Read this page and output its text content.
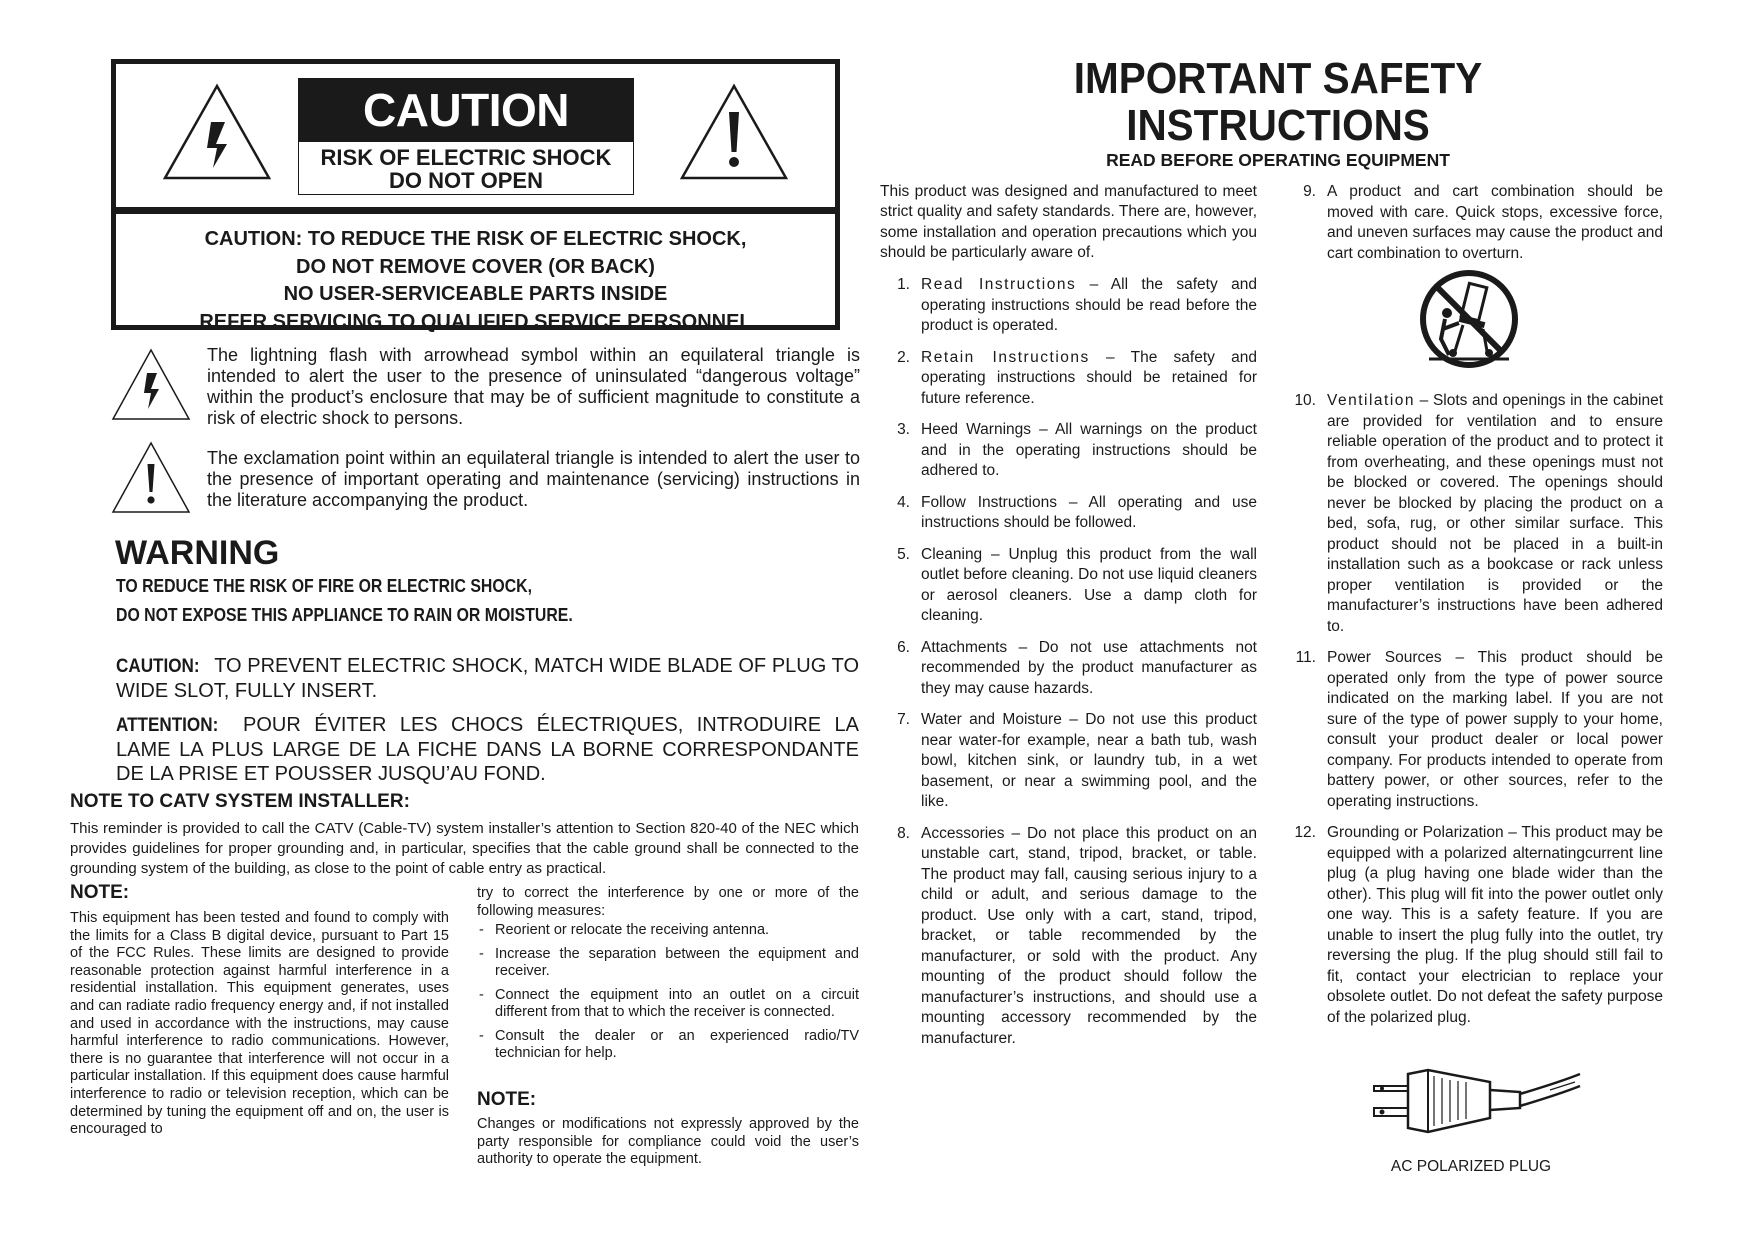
CAUTION
RISK OF ELECTRIC SHOCK
DO NOT OPEN
CAUTION: TO REDUCE THE RISK OF ELECTRIC SHOCK,
DO NOT REMOVE COVER (OR BACK)
NO USER-SERVICEABLE PARTS INSIDE
REFER SERVICING TO QUALIFIED SERVICE PERSONNEL

The lightning flash with arrowhead symbol within an equilateral triangle is intended to alert the user to the presence of uninsulated “dangerous voltage” within the product’s enclosure that may be of sufficient magnitude to constitute a risk of electric shock to persons.

The exclamation point within an equilateral triangle is intended to alert the user to the presence of important operating and maintenance (servicing) instructions in the literature accompanying the product.

WARNING
TO REDUCE THE RISK OF FIRE OR ELECTRIC SHOCK,
DO NOT EXPOSE THIS APPLIANCE TO RAIN OR MOISTURE.
CAUTION: TO PREVENT ELECTRIC SHOCK, MATCH WIDE BLADE OF PLUG TO WIDE SLOT, FULLY INSERT.
ATTENTION: POUR ÉVITER LES CHOCS ÉLECTRIQUES, INTRODUIRE LA LAME LA PLUS LARGE DE LA FICHE DANS LA BORNE CORRESPONDANTE DE LA PRISE ET POUSSER JUSQU’AU FOND.
NOTE TO CATV SYSTEM INSTALLER:
This reminder is provided to call the CATV (Cable-TV) system installer’s attention to Section 820-40 of the NEC which provides guidelines for proper grounding and, in particular, specifies that the cable ground shall be connected to the grounding system of the building, as close to the point of cable entry as practical.
NOTE:
This equipment has been tested and found to comply with the limits for a Class B digital device, pursuant to Part 15 of the FCC Rules. These limits are designed to provide reasonable protection against harmful interference in a residential installation. This equipment generates, uses and can radiate radio frequency energy and, if not installed and used in accordance with the instructions, may cause harmful interference to radio communications. However, there is no guarantee that interference will not occur in a particular installation. If this equipment does cause harmful interference to radio or television reception, which can be determined by tuning the equipment off and on, the user is encouraged to
try to correct the interference by one or more of the following measures:
- Reorient or relocate the receiving antenna.
- Increase the separation between the equipment and receiver.
- Connect the equipment into an outlet on a circuit different from that to which the receiver is connected.
- Consult the dealer or an experienced radio/TV technician for help.
NOTE:
Changes or modifications not expressly approved by the party responsible for compliance could void the user’s authority to operate the equipment.
IMPORTANT SAFETY
INSTRUCTIONS
READ BEFORE OPERATING EQUIPMENT
This product was designed and manufactured to meet strict quality and safety standards. There are, however, some installation and operation precautions which you should be particularly aware of.
1. Read Instructions – All the safety and operating instructions should be read before the product is operated.
2. Retain Instructions – The safety and operating instructions should be retained for future reference.
3. Heed Warnings – All warnings on the product and in the operating instructions should be adhered to.
4. Follow Instructions – All operating and use instructions should be followed.
5. Cleaning – Unplug this product from the wall outlet before cleaning. Do not use liquid cleaners or aerosol cleaners. Use a damp cloth for cleaning.
6. Attachments – Do not use attachments not recommended by the product manufacturer as they may cause hazards.
7. Water and Moisture – Do not use this product near water-for example, near a bath tub, wash bowl, kitchen sink, or laundry tub, in a wet basement, or near a swimming pool, and the like.
8. Accessories – Do not place this product on an unstable cart, stand, tripod, bracket, or table. The product may fall, causing serious injury to a child or adult, and serious damage to the product. Use only with a cart, stand, tripod, bracket, or table recommended by the manufacturer, or sold with the product. Any mounting of the product should follow the manufacturer’s instructions, and should use a mounting accessory recommended by the manufacturer.
9. A product and cart combination should be moved with care. Quick stops, excessive force, and uneven surfaces may cause the product and cart combination to overturn.
10. Ventilation – Slots and openings in the cabinet are provided for ventilation and to ensure reliable operation of the product and to protect it from overheating, and these openings must not be blocked or covered. The openings should never be blocked by placing the product on a bed, sofa, rug, or other similar surface. This product should not be placed in a built-in installation such as a bookcase or rack unless proper ventilation is provided or the manufacturer’s instructions have been adhered to.
11. Power Sources – This product should be operated only from the type of power source indicated on the marking label. If you are not sure of the type of power supply to your home, consult your product dealer or local power company. For products intended to operate from battery power, or other sources, refer to the operating instructions.
12. Grounding or Polarization – This product may be equipped with a polarized alternatingcurrent line plug (a plug having one blade wider than the other). This plug will fit into the power outlet only one way. This is a safety feature. If you are unable to insert the plug fully into the outlet, try reversing the plug. If the plug should still fail to fit, contact your electrician to replace your obsolete outlet. Do not defeat the safety purpose of the polarized plug.
AC POLARIZED PLUG
